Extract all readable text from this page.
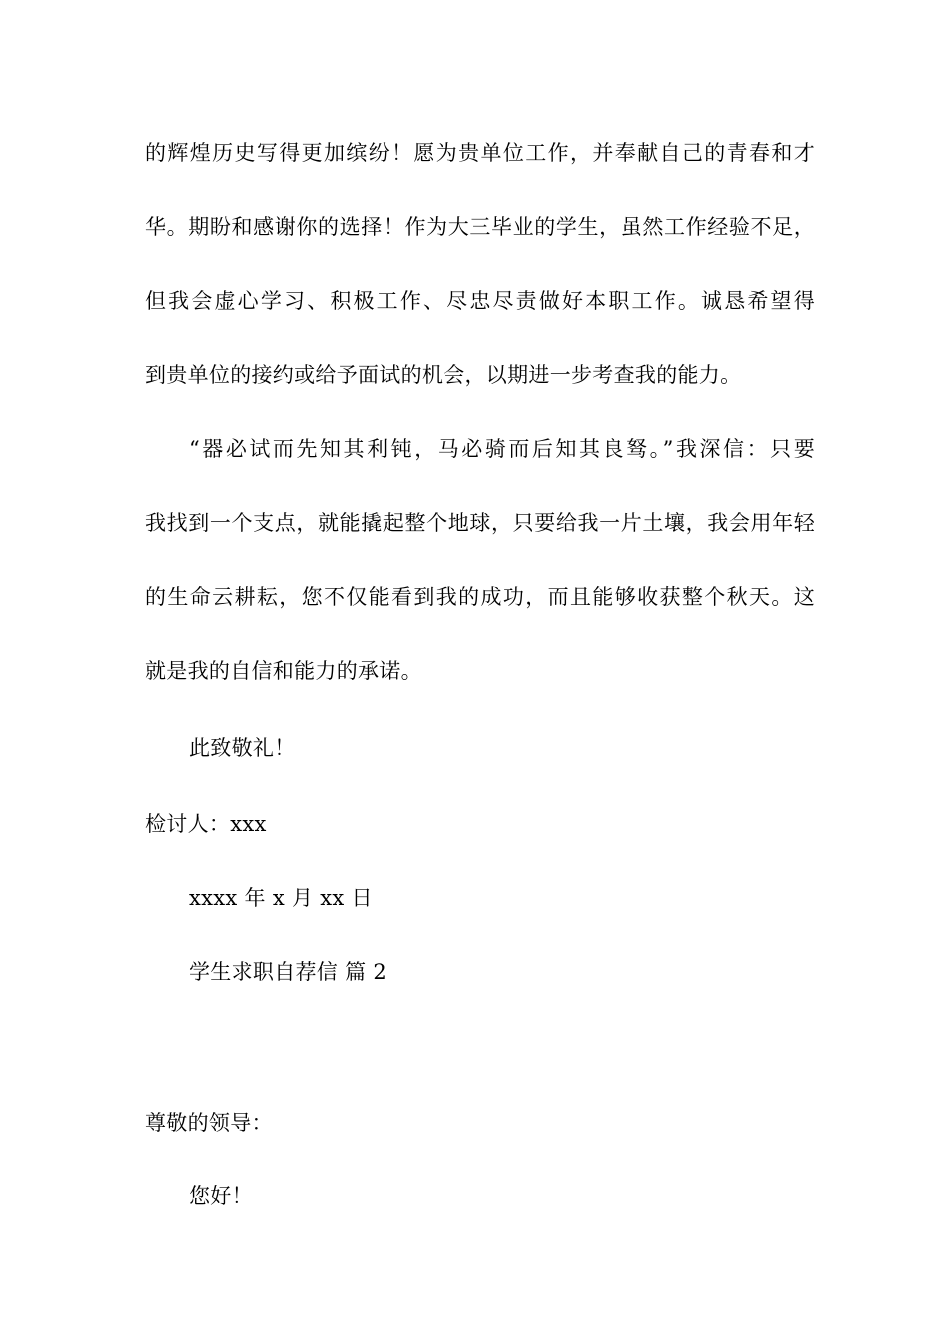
的辉煌历史写得更加缤纷！愿为贵单位工作，并奉献自己的青春和才
华。期盼和感谢你的选择！作为大三毕业的学生，虽然工作经验不足，
但我会虚心学习、积极工作、尽忠尽责做好本职工作。诚恳希望得
到贵单位的接约或给予面试的机会，以期进一步考查我的能力。
“器必试而先知其利钝，马必骑而后知其良驽。”我深信：只要
我找到一个支点，就能撬起整个地球，只要给我一片土壤，我会用年轻
的生命云耕耘，您不仅能看到我的成功，而且能够收获整个秋天。这
就是我的自信和能力的承诺。
此致敬礼！
检讨人：xxx
xxxx 年 x 月 xx 日
学生求职自荐信 篇 2
尊敬的领导：
您好！
